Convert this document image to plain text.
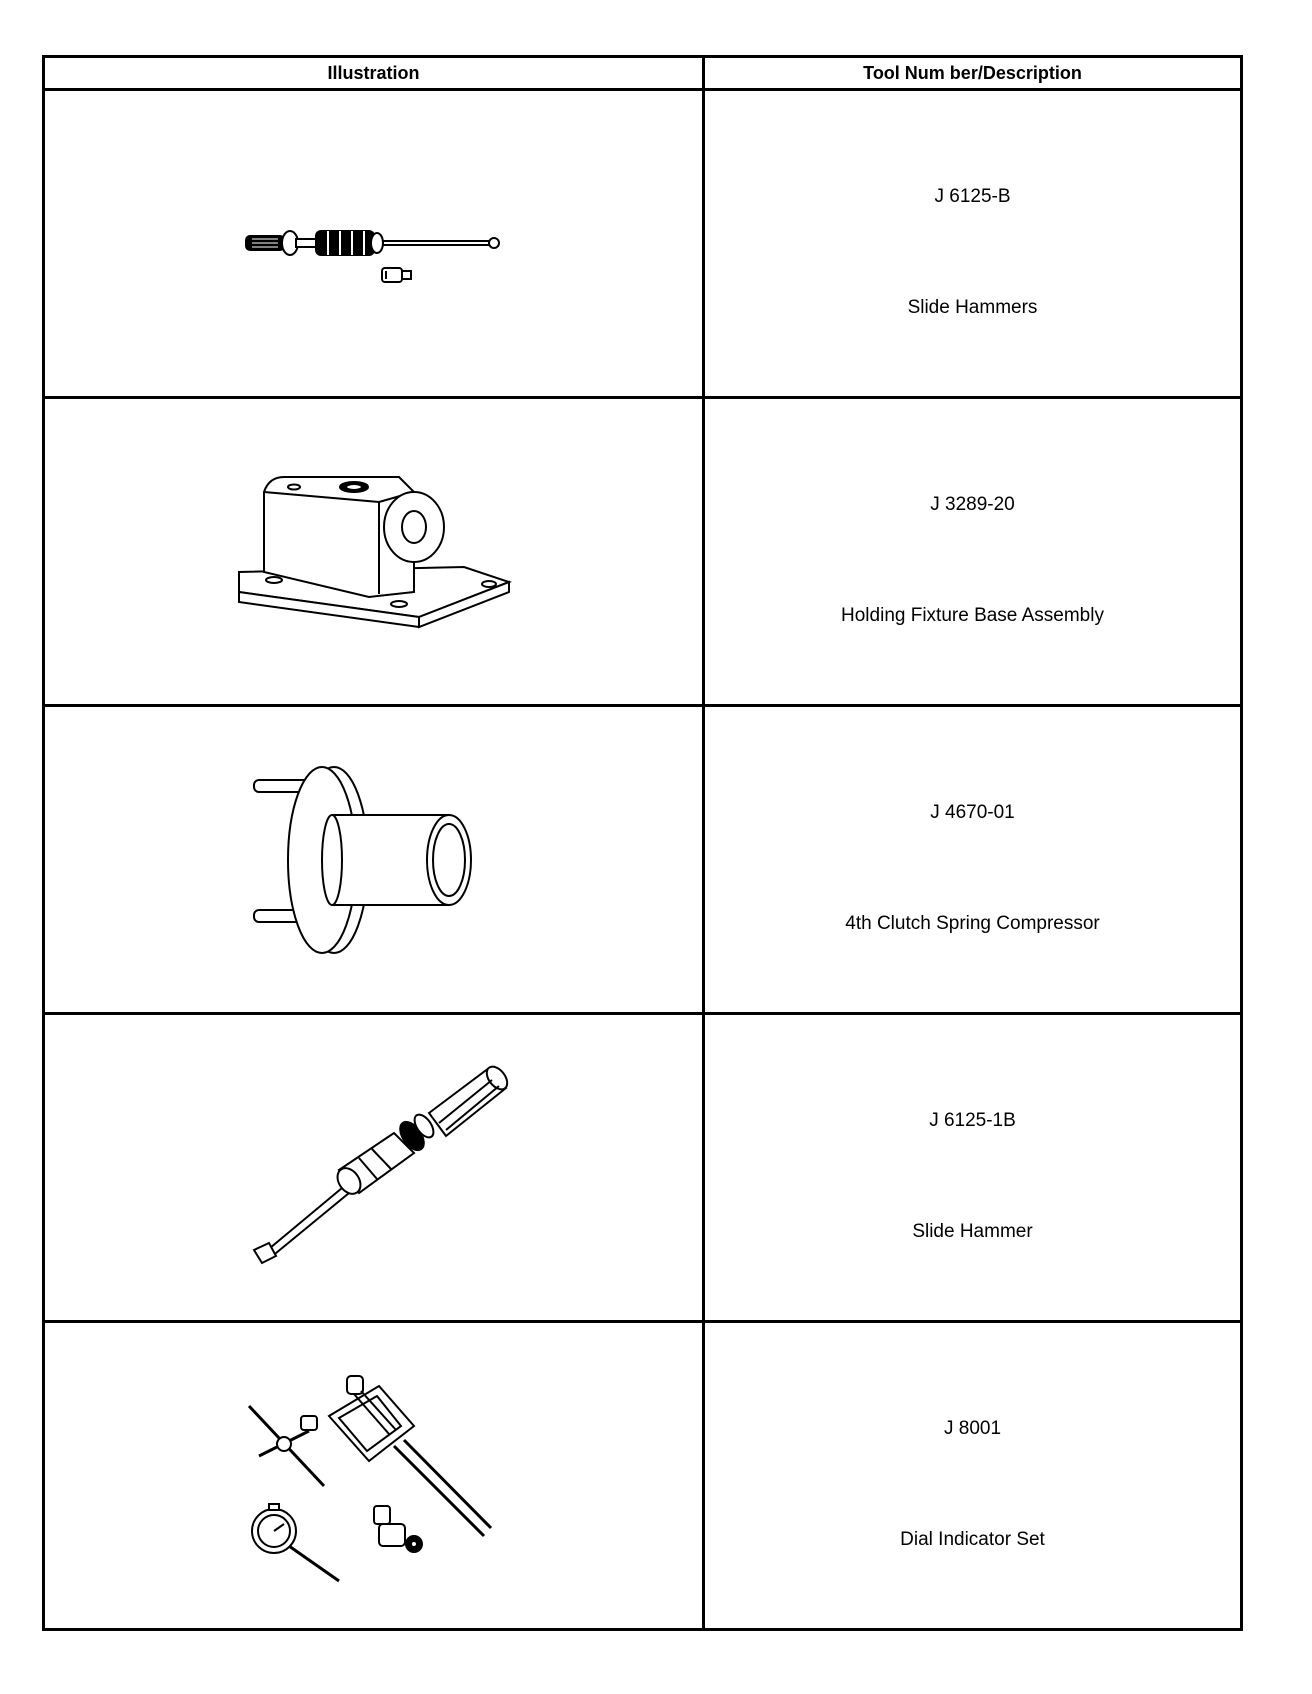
Illustration	Tool Num ber/Description

J 6125-B
Slide Hammers

J 3289-20
Holding Fixture Base Assembly

J 4670-01
4th Clutch Spring Compressor

J 6125-1B
Slide Hammer

J 8001
Dial Indicator Set
